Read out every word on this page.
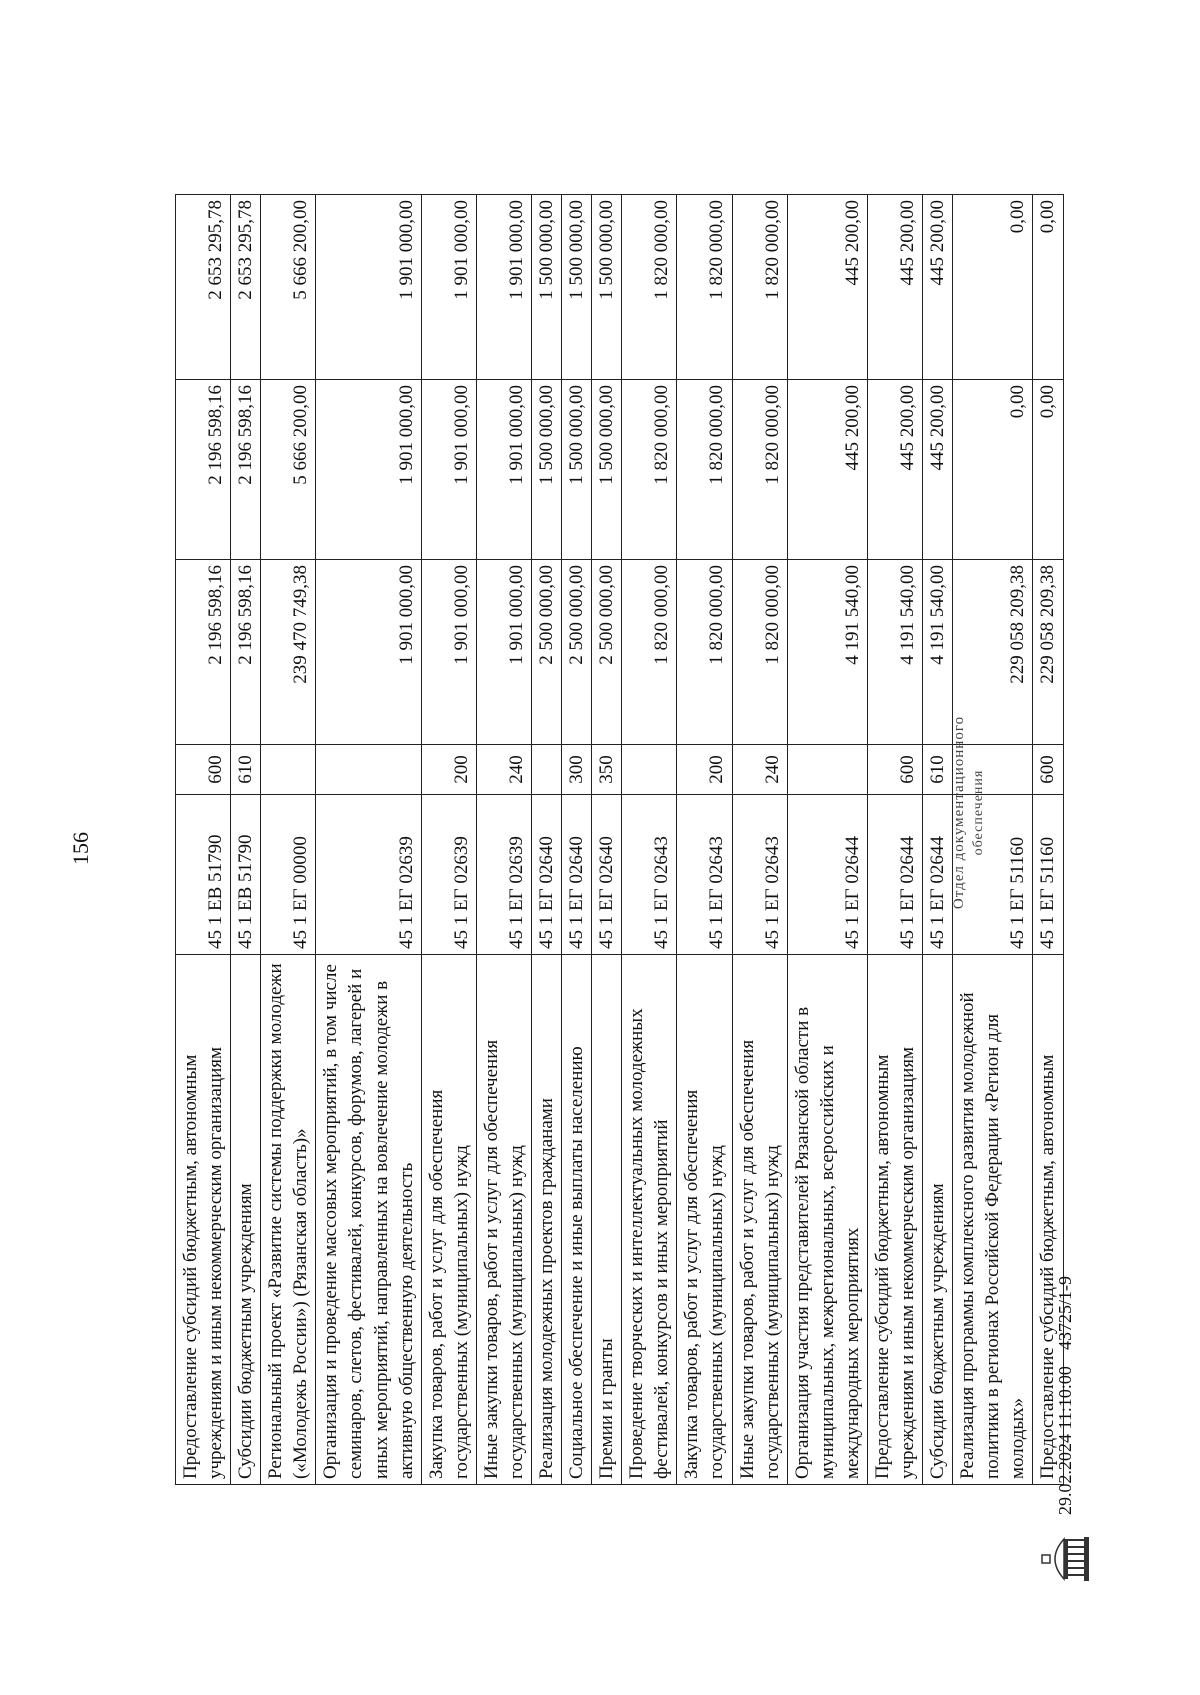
156
Предоставление субсидий бюджетным, автономным учреждениям и иным некоммерческим организациям	45 1 EВ 51790	600	2 196 598,16	2 196 598,16	2 653 295,78
Субсидии бюджетным учреждениям	45 1 EВ 51790	610	2 196 598,16	2 196 598,16	2 653 295,78
Региональный проект «Развитие системы поддержки молодежи («Молодежь России») (Рязанская область)»	45 1 EГ 00000		239 470 749,38	5 666 200,00	5 666 200,00
Организация и проведение массовых мероприятий, в том числе семинаров, слетов, фестивалей, конкурсов, форумов, лагерей и иных мероприятий, направленных на вовлечение молодежи в активную общественную деятельность	45 1 EГ 02639		1 901 000,00	1 901 000,00	1 901 000,00
Закупка товаров, работ и услуг для обеспечения государственных (муниципальных) нужд	45 1 EГ 02639	200	1 901 000,00	1 901 000,00	1 901 000,00
Иные закупки товаров, работ и услуг для обеспечения государственных (муниципальных) нужд	45 1 EГ 02639	240	1 901 000,00	1 901 000,00	1 901 000,00
Реализация молодежных проектов гражданами	45 1 EГ 02640		2 500 000,00	1 500 000,00	1 500 000,00
Социальное обеспечение и иные выплаты населению	45 1 EГ 02640	300	2 500 000,00	1 500 000,00	1 500 000,00
Премии и гранты	45 1 EГ 02640	350	2 500 000,00	1 500 000,00	1 500 000,00
Проведение творческих и интеллектуальных молодежных фестивалей, конкурсов и иных мероприятий	45 1 EГ 02643		1 820 000,00	1 820 000,00	1 820 000,00
Закупка товаров, работ и услуг для обеспечения государственных (муниципальных) нужд	45 1 EГ 02643	200	1 820 000,00	1 820 000,00	1 820 000,00
Иные закупки товаров, работ и услуг для обеспечения государственных (муниципальных) нужд	45 1 EГ 02643	240	1 820 000,00	1 820 000,00	1 820 000,00
Организация участия представителей Рязанской области в муниципальных, межрегиональных, всероссийских и международных мероприятиях	45 1 EГ 02644		4 191 540,00	445 200,00	445 200,00
Предоставление субсидий бюджетным, автономным учреждениям и иным некоммерческим организациям	45 1 EГ 02644	600	4 191 540,00	445 200,00	445 200,00
Субсидии бюджетным учреждениям	45 1 EГ 02644	610	4 191 540,00	445 200,00	445 200,00
Реализация программы комплексного развития молодежной политики в регионах Российской Федерации «Регион для молодых»	45 1 EГ 51160		229 058 209,38	0,00	0,00
Предоставление субсидий бюджетным, автономным	45 1 EГ 51160	600	229 058 209,38	0,00	0,00
29.02.2024 11:10:00
43725/1-9
Отдел документационного обеспечения
